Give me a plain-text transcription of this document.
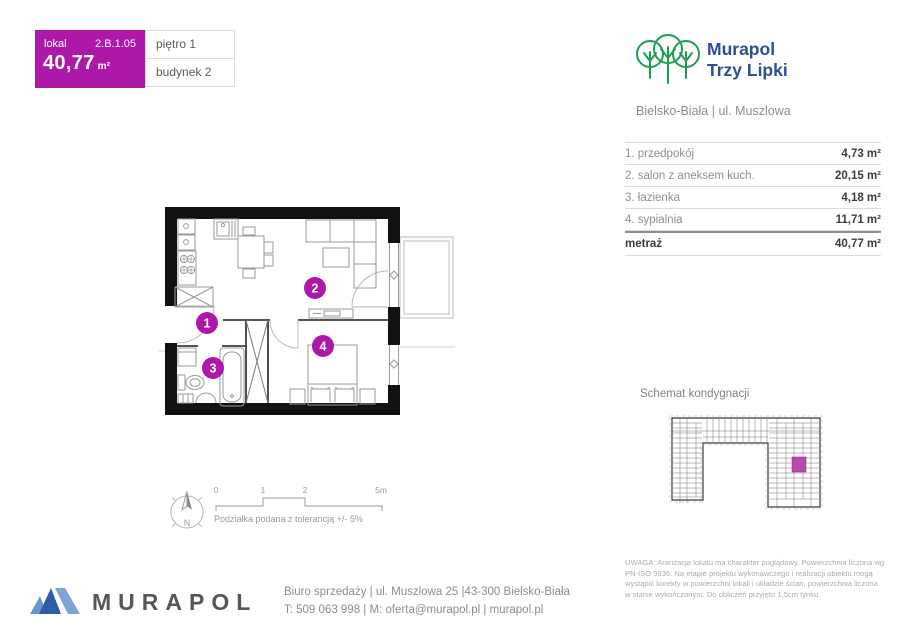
lokal	2.B.1.05
40,77 m²
piętro 1
budynek 2
Murapol
Trzy Lipki
Bielsko-Biała | ul. Muszlowa
1. przedpokój	4,73 m²
2. salon z aneksem kuch.	20,15 m²
3. łazienka	4,18 m²
4. sypialnia	11,71 m²
metraż	40,77 m²
1
2
3
4
N
0	1	2	5m
Podziałka podana z tolerancją +/- 5%
Schemat kondygnacji
MURAPOL Biuro sprzedaży | ul. Muszlowa 25 |43-300 Bielsko-Biała
T: 509 063 998 | M: oferta@murapol.pl | murapol.pl
UWAGA: Aranżacja lokalu ma charakter poglądowy. Powierzchnia liczona wg PN-ISO 9836. Na etapie projektu wykonawczego i realizacji obiektu mogą wystąpić korekty w powierzchni lokali i układzie ścian, powierzchnia liczona w stanie wykończonym. Do obliczeń przyjęto 1,5cm tynku.
